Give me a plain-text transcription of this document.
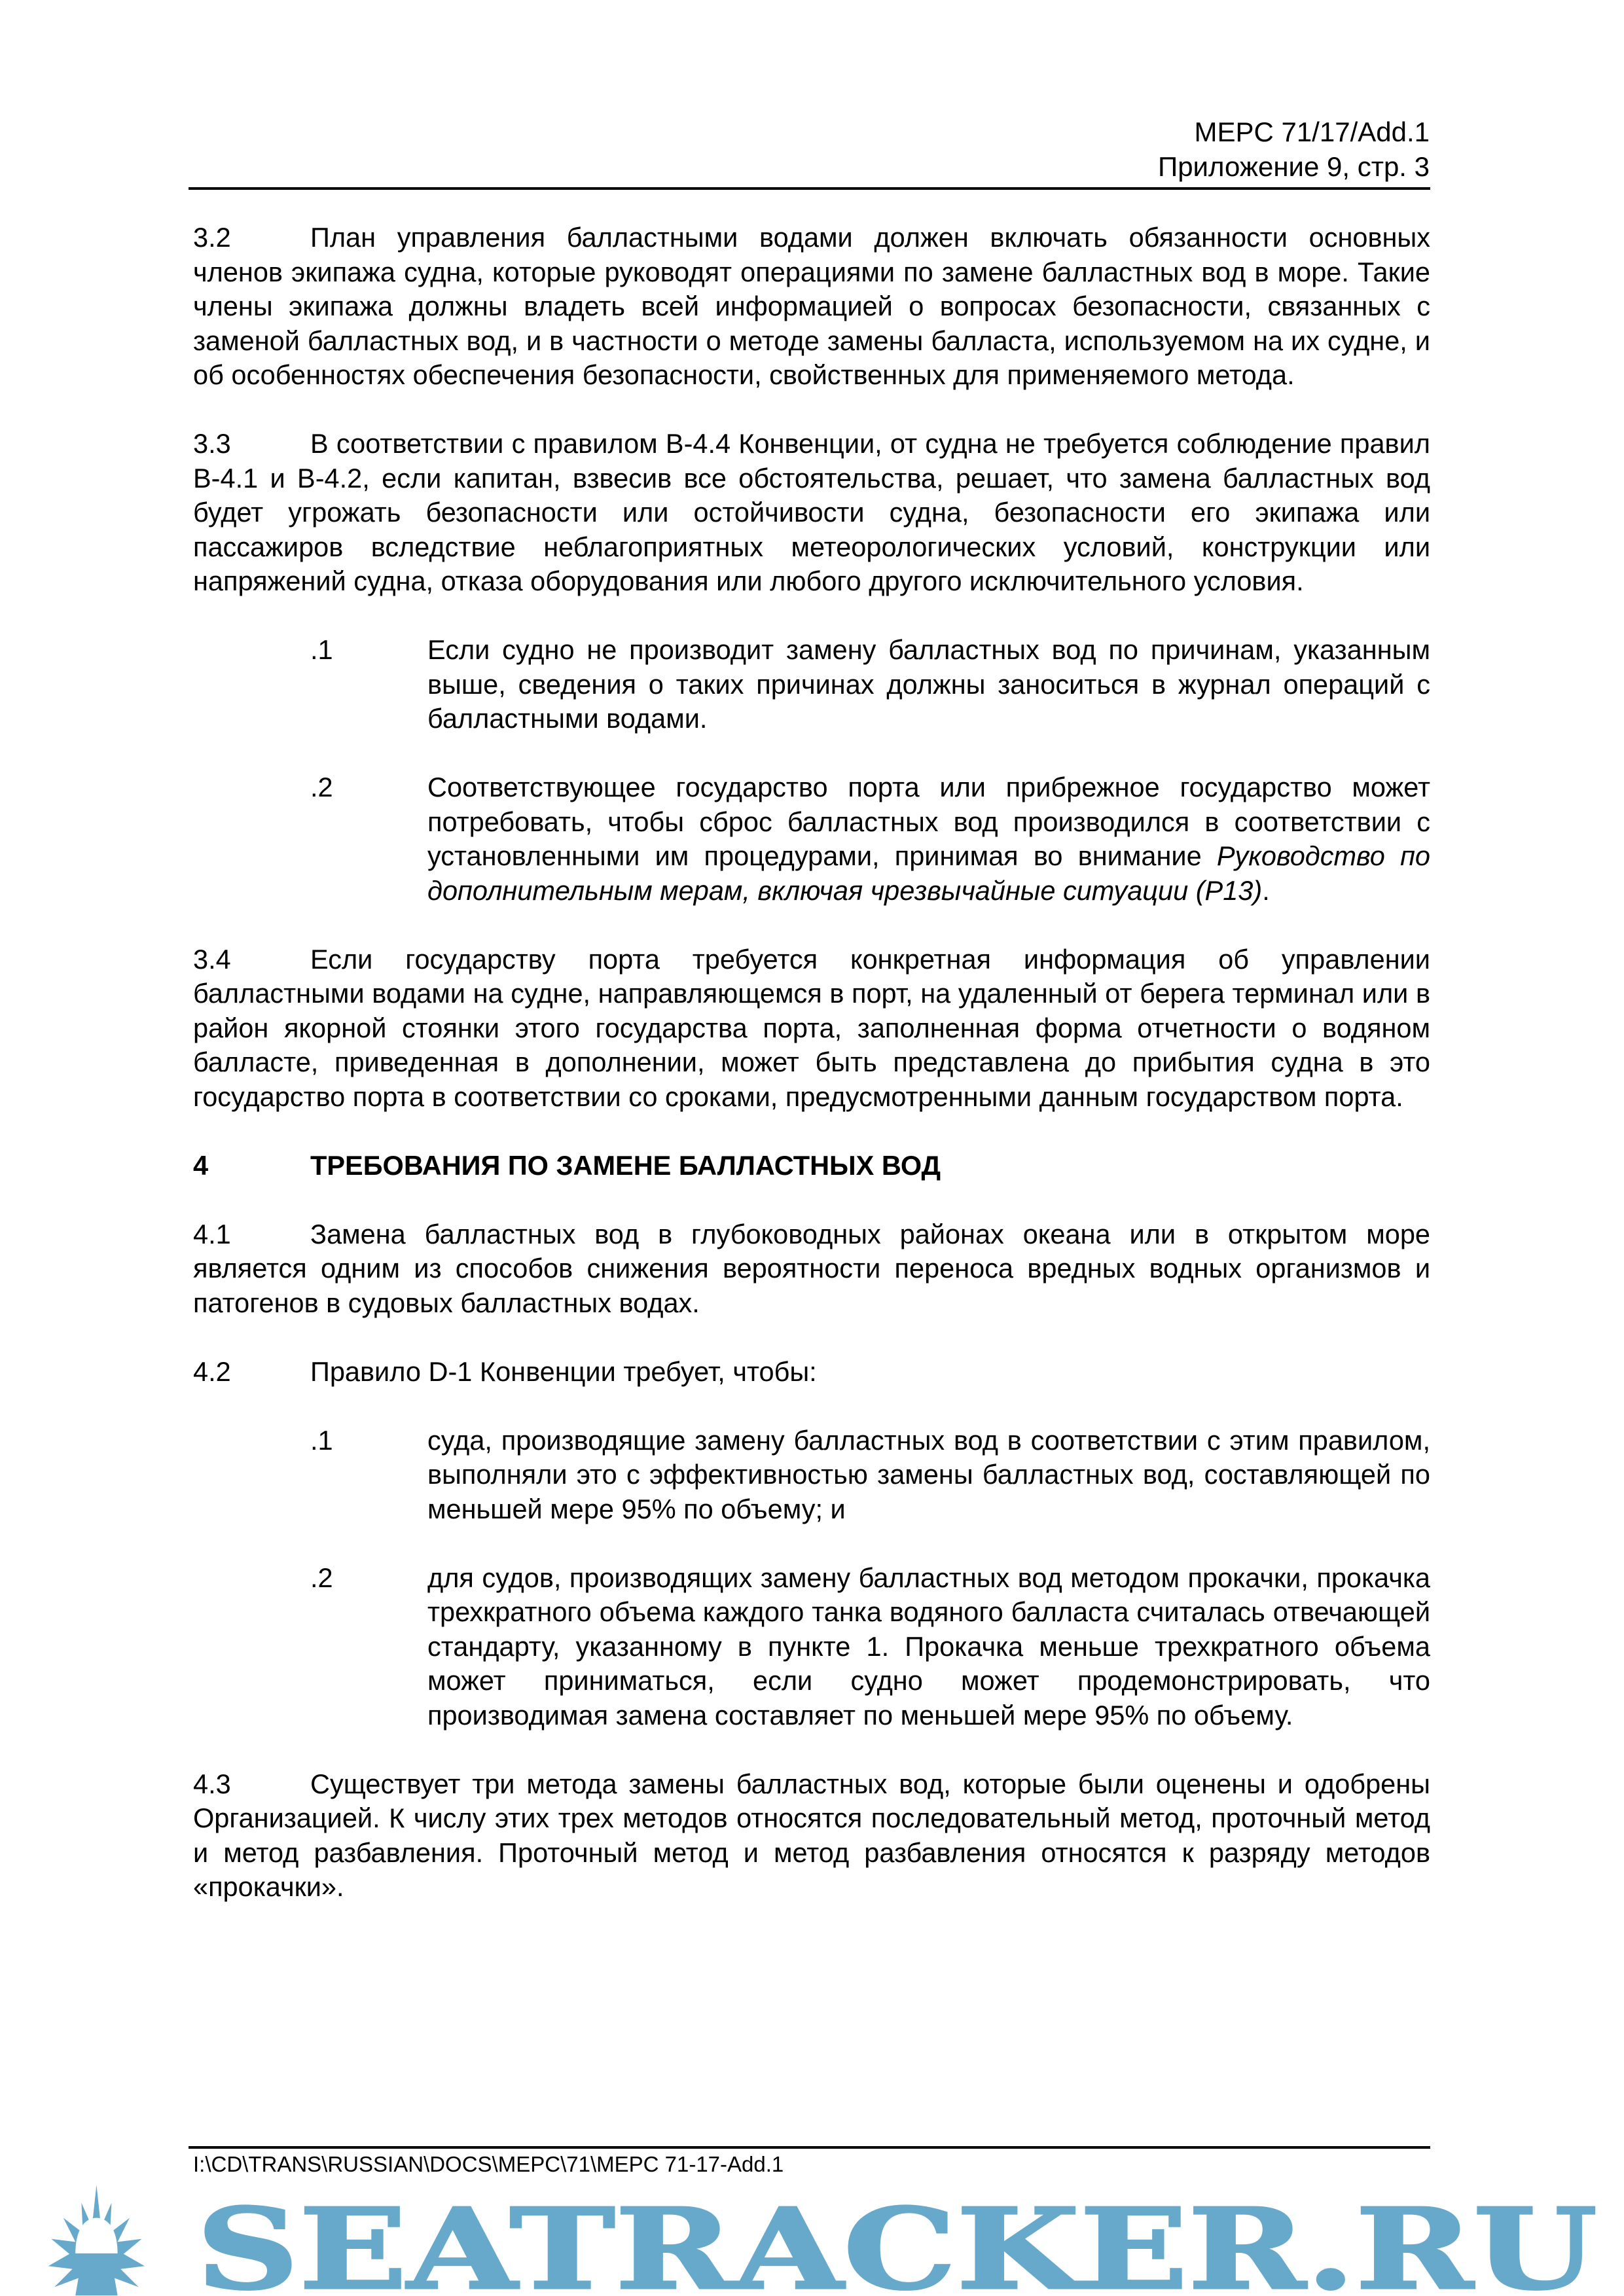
MEPC 71/17/Add.1
Приложение 9, стр. 3

3.2	План управления балластными водами должен включать обязанности основных членов экипажа судна, которые руководят операциями по замене балластных вод в море. Такие члены экипажа должны владеть всей информацией о вопросах безопасности, связанных с заменой балластных вод, и в частности о методе замены балласта, используемом на их судне, и об особенностях обеспечения безопасности, свойственных для применяемого метода.

3.3	В соответствии с правилом В-4.4 Конвенции, от судна не требуется соблюдение правил В-4.1 и В-4.2, если капитан, взвесив все обстоятельства, решает, что замена балластных вод будет угрожать безопасности или остойчивости судна, безопасности его экипажа или пассажиров вследствие неблагоприятных метеорологических условий, конструкции или напряжений судна, отказа оборудования или любого другого исключительного условия.

.1	Если судно не производит замену балластных вод по причинам, указанным выше, сведения о таких причинах должны заноситься в журнал операций с балластными водами.
.2	Соответствующее государство порта или прибрежное государство может потребовать, чтобы сброс балластных вод производился в соответствии с установленными им процедурами, принимая во внимание Руководство по дополнительным мерам, включая чрезвычайные ситуации (Р13).

3.4	Если государству порта требуется конкретная информация об управлении балластными водами на судне, направляющемся в порт, на удаленный от берега терминал или в район якорной стоянки этого государства порта, заполненная форма отчетности о водяном балласте, приведенная в дополнении, может быть представлена до прибытия судна в это государство порта в соответствии со сроками, предусмотренными данным государством порта.

4	ТРЕБОВАНИЯ ПО ЗАМЕНЕ БАЛЛАСТНЫХ ВОД

4.1	Замена балластных вод в глубоководных районах океана или в открытом море является одним из способов снижения вероятности переноса вредных водных организмов и патогенов в судовых балластных водах.

4.2	Правило D-1 Конвенции требует, чтобы:

.1	суда, производящие замену балластных вод в соответствии с этим правилом, выполняли это с эффективностью замены балластных вод, составляющей по меньшей мере 95% по объему; и
.2	для судов, производящих замену балластных вод методом прокачки, прокачка трехкратного объема каждого танка водяного балласта считалась отвечающей стандарту, указанному в пункте 1. Прокачка меньше трехкратного объема может приниматься, если судно может продемонстрировать, что производимая замена составляет по меньшей мере 95% по объему.

4.3	Существует три метода замены балластных вод, которые были оценены и одобрены Организацией. К числу этих трех методов относятся последовательный метод, проточный метод и метод разбавления. Проточный метод и метод разбавления относятся к разряду методов «прокачки».

I:\CD\TRANS\RUSSIAN\DOCS\MEPC\71\MEPC 71-17-Add.1
SEATRACKER.RU
